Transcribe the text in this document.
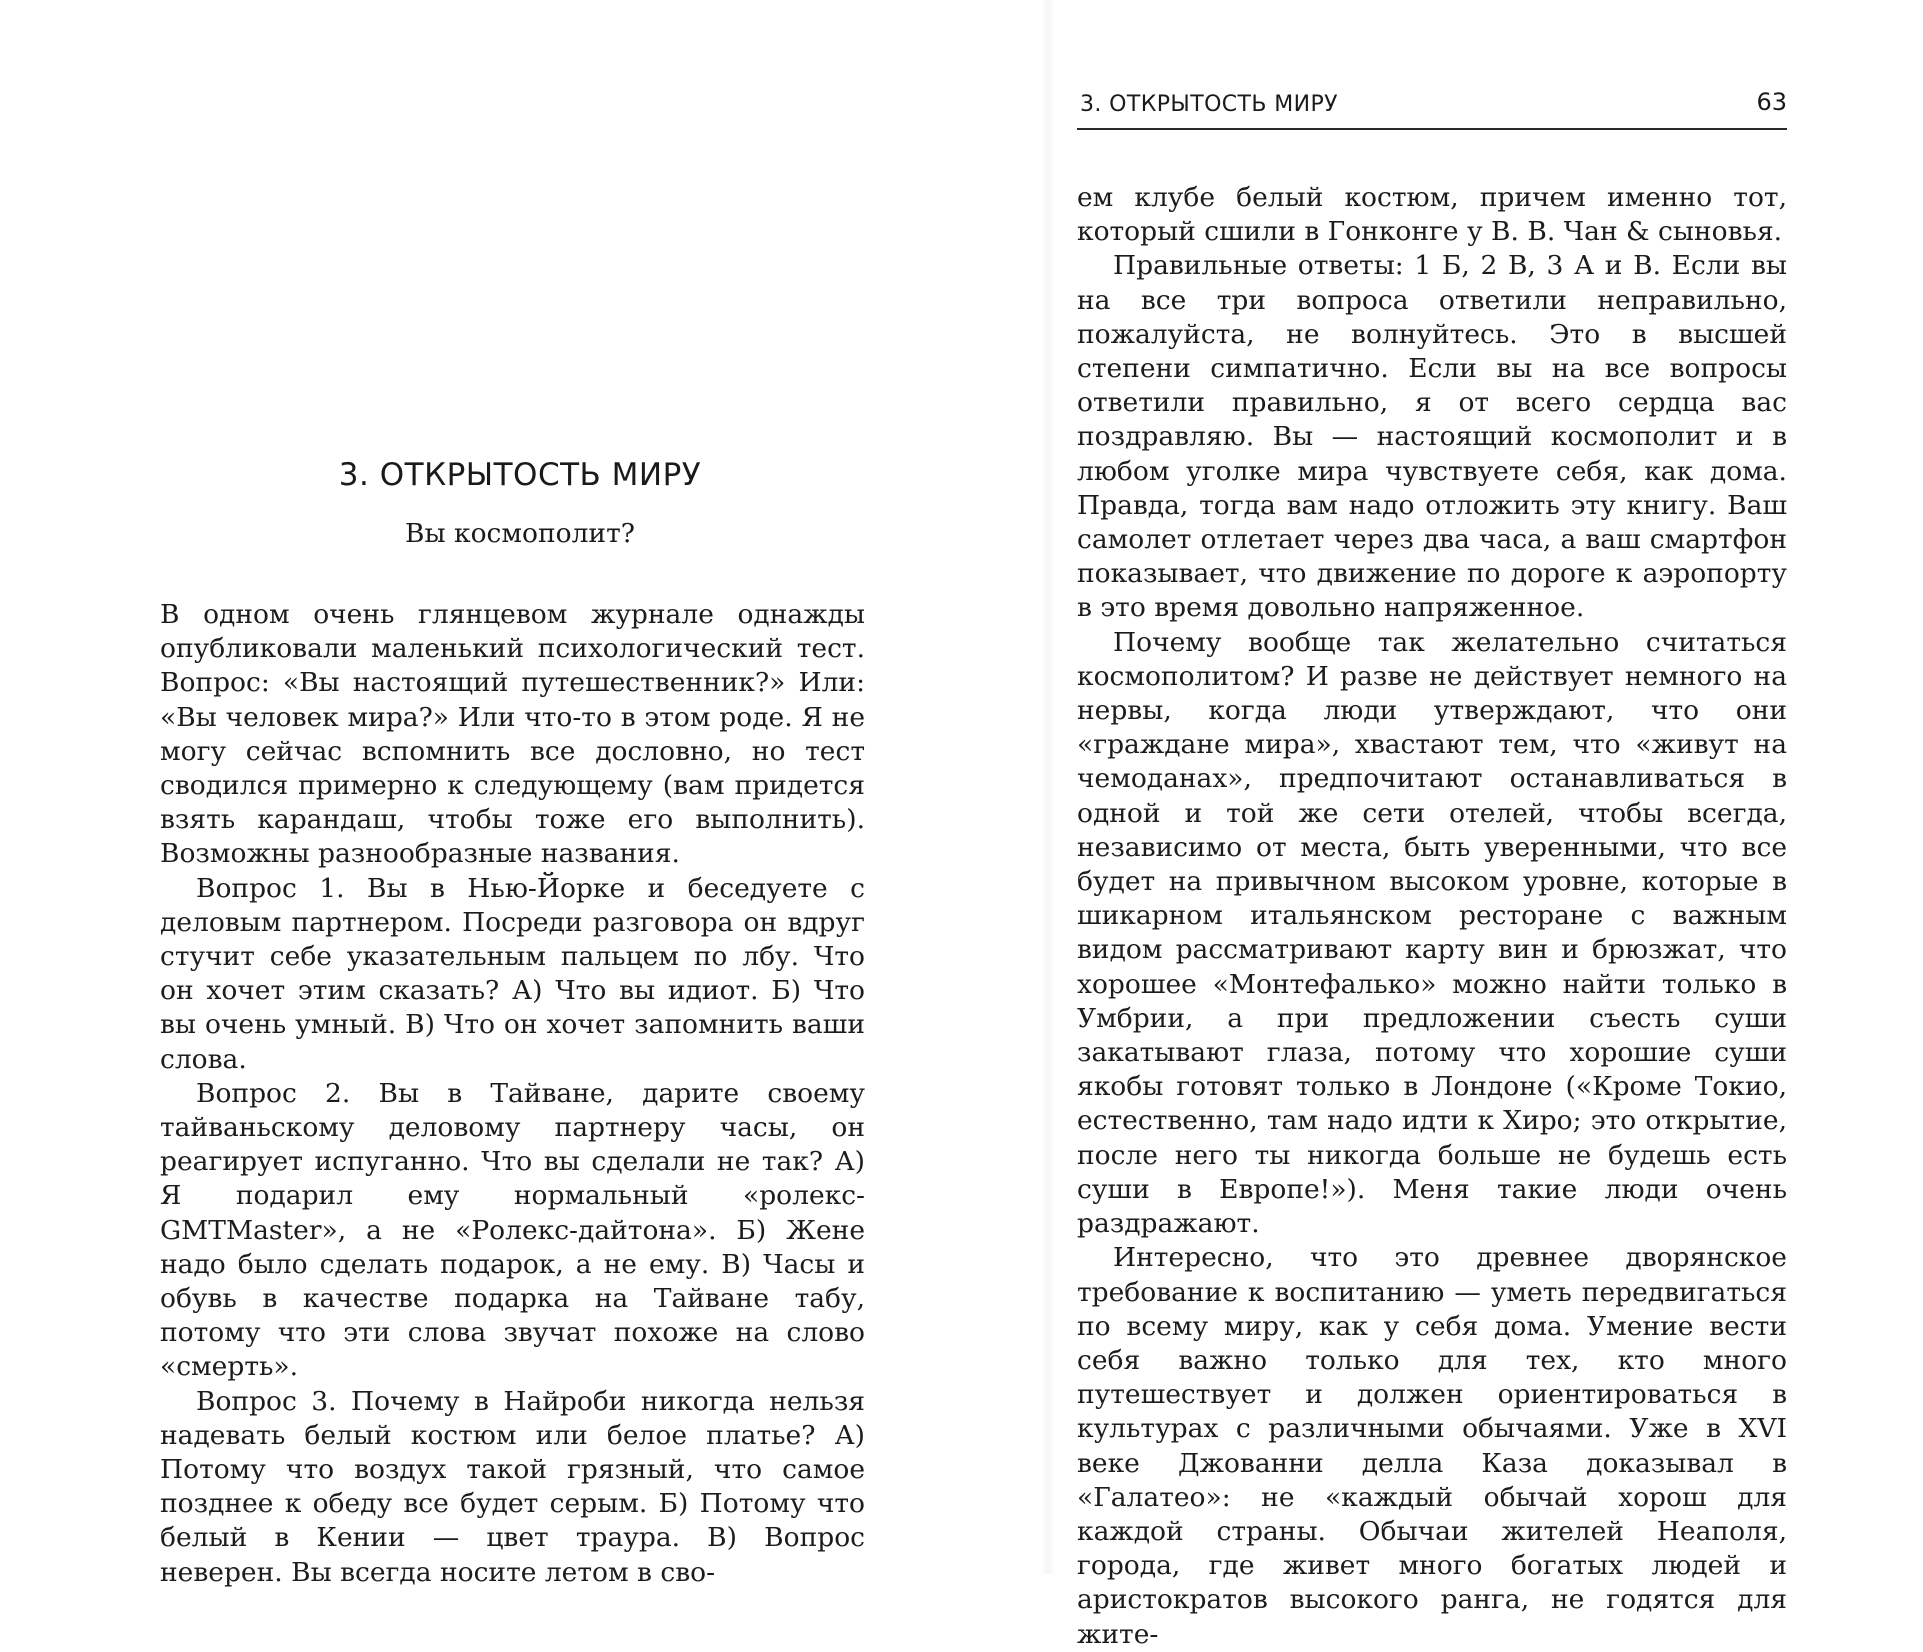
3. ОТКРЫТОСТЬ МИРУ
Вы космополит?

В одном очень глянцевом журнале однажды опубликовали маленький психологический тест. Вопрос: «Вы настоящий путешественник?» Или: «Вы человек мира?» Или что-то в этом роде. Я не могу сейчас вспомнить все дословно, но тест сводился примерно к следующему (вам придется взять карандаш, чтобы тоже его выполнить). Возможны разнообразные названия.

Вопрос 1. Вы в Нью-Йорке и беседуете с деловым партнером. Посреди разговора он вдруг стучит себе указательным пальцем по лбу. Что он хочет этим сказать? А) Что вы идиот. Б) Что вы очень умный. В) Что он хочет запомнить ваши слова.

Вопрос 2. Вы в Тайване, дарите своему тайваньскому деловому партнеру часы, он реагирует испуганно. Что вы сделали не так? А) Я подарил ему нормальный «ролекс-GMTMaster», а не «Ролекс-дайтона». Б) Жене надо было сделать подарок, а не ему. В) Часы и обувь в качестве подарка на Тайване табу, потому что эти слова звучат похоже на слово «смерть».

Вопрос 3. Почему в Найроби никогда нельзя надевать белый костюм или белое платье? А) Потому что воздух такой грязный, что самое позднее к обеду все будет серым. Б) Потому что белый в Кении — цвет траура. В) Вопрос неверен. Вы всегда носите летом в сво-

3. ОТКРЫТОСТЬ МИРУ	63

ем клубе белый костюм, причем именно тот, который сшили в Гонконге у В. В. Чан & сыновья.

Правильные ответы: 1 Б, 2 В, 3 А и В. Если вы на все три вопроса ответили неправильно, пожалуйста, не волнуйтесь. Это в высшей степени симпатично. Если вы на все вопросы ответили правильно, я от всего сердца вас поздравляю. Вы — настоящий космополит и в любом уголке мира чувствуете себя, как дома. Правда, тогда вам надо отложить эту книгу. Ваш самолет отлетает через два часа, а ваш смартфон показывает, что движение по дороге к аэропорту в это время довольно напряженное.

Почему вообще так желательно считаться космополитом? И разве не действует немного на нервы, когда люди утверждают, что они «граждане мира», хвастают тем, что «живут на чемоданах», предпочитают останавливаться в одной и той же сети отелей, чтобы всегда, независимо от места, быть уверенными, что все будет на привычном высоком уровне, которые в шикарном итальянском ресторане с важным видом рассматривают карту вин и брюзжат, что хорошее «Монтефалько» можно найти только в Умбрии, а при предложении съесть суши закатывают глаза, потому что хорошие суши якобы готовят только в Лондоне («Кроме Токио, естественно, там надо идти к Хиро; это открытие, после него ты никогда больше не будешь есть суши в Европе!»). Меня такие люди очень раздражают.

Интересно, что это древнее дворянское требование к воспитанию — уметь передвигаться по всему миру, как у себя дома. Умение вести себя важно только для тех, кто много путешествует и должен ориентироваться в культурах с различными обычаями. Уже в XVI веке Джованни делла Каза доказывал в «Галатео»: не «каждый обычай хорош для каждой страны. Обычаи жителей Неаполя, города, где живет много богатых людей и аристократов высокого ранга, не годятся для жите-
